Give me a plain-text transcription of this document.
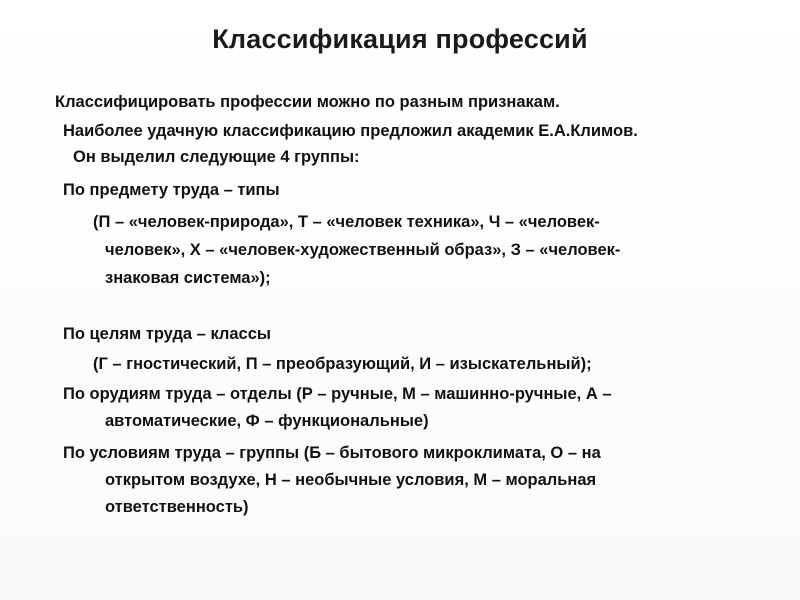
Классификация профессий
Классифицировать профессии можно по разным признакам.
Наиболее удачную классификацию предложил академик Е.А.Климов.
Он выделил следующие 4 группы:
По предмету труда – типы
(П – «человек-природа», Т – «человек техника», Ч – «человек-
человек», Х – «человек-художественный образ», З – «человек-
знаковая система»);
По целям труда – классы
(Г – гностический, П – преобразующий, И – изыскательный);
По орудиям труда – отделы (Р – ручные, М – машинно-ручные, А –
автоматические, Ф – функциональные)
По условиям труда – группы (Б – бытового микроклимата, О – на
открытом воздухе, Н – необычные условия, М – моральная
ответственность)
